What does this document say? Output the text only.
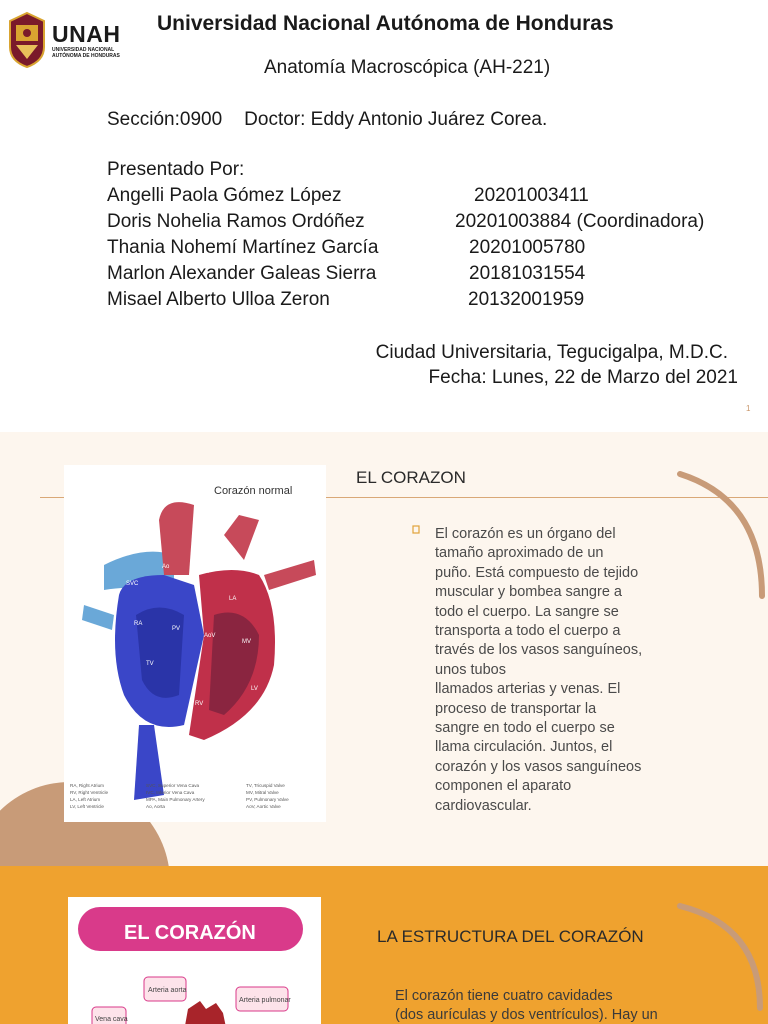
UNAH
UNIVERSIDAD NACIONAL
AUTÓNOMA DE HONDURAS
Universidad Nacional Autónoma de Honduras
Anatomía Macroscópica (AH-221)
Sección:0900 Doctor: Eddy Antonio Juárez Corea.
Presentado Por:
Angelli Paola Gómez López	20201003411
Doris Nohelia Ramos Ordóñez	20201003884 (Coordinadora)
Thania Nohemí Martínez García	20201005780
Marlon Alexander Galeas Sierra	20181031554
Misael Alberto Ulloa Zeron	20132001959
Ciudad Universitaria, Tegucigalpa, M.D.C.
Fecha: Lunes, 22 de Marzo del 2021
1
Corazón normal
SVC
Ao
MPA
LA
RA
PV
AoV
MV
TV
LV
RV
IVC
RA, Right Atrium	SVC, Superior Vena Cava	TV, Tricuspid Valve
RV, Right Ventricle	IVC, Inferior Vena Cava	MV, Mitral Valve
LA, Left Atrium	MPA, Main Pulmonary Artery	PV, Pulmonary Valve
LV, Left Ventricle	Ao, Aorta	AoV, Aortic Valve
EL CORAZON
El corazón es un órgano del
tamaño aproximado de un
puño. Está compuesto de tejido
muscular y bombea sangre a
todo el cuerpo. La sangre se
transporta a todo el cuerpo a
través de los vasos sanguíneos,
unos tubos
llamados arterias y venas. El
proceso de transportar la
sangre en todo el cuerpo se
llama circulación. Juntos, el
corazón y los vasos sanguíneos
componen el aparato
cardiovascular.
EL CORAZÓN
Arteria aorta
Arteria pulmonar
Vena cava
LA ESTRUCTURA DEL CORAZÓN
El corazón tiene cuatro cavidades
(dos aurículas y dos ventrículos). Hay un
